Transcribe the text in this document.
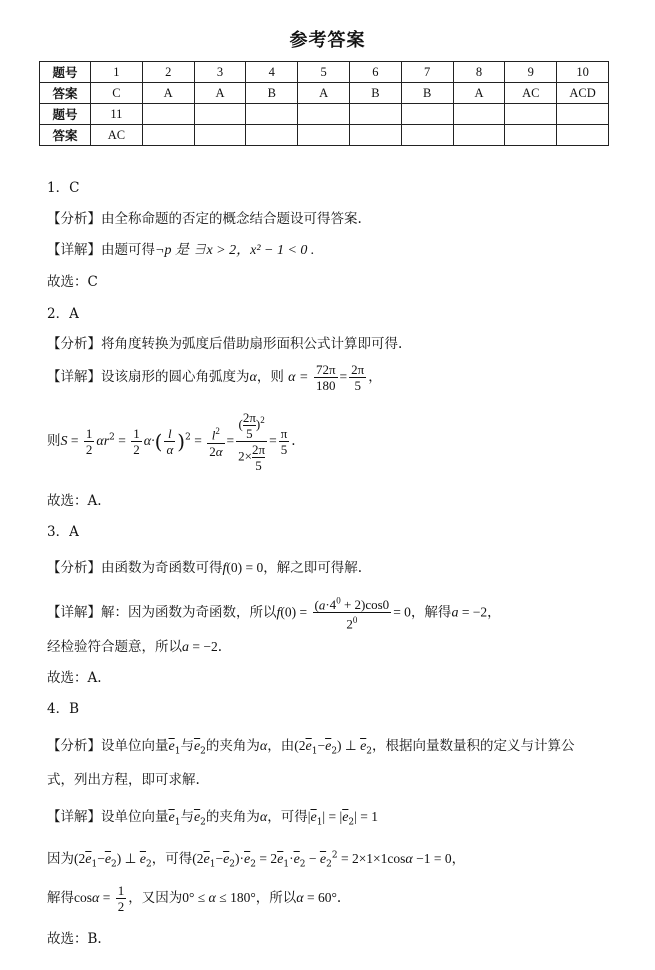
参考答案
题号	1	2	3	4	5	6	7	8	9	10
答案	C	A	A	B	A	B	B	A	AC	ACD
题号	11									
答案	AC									
1．C
【分析】由全称命题的否定的概念结合题设可得答案.
【详解】由题可得¬p 是 ∃x > 2，x² − 1 < 0 .
故选：C
2．A
【分析】将角度转换为弧度后借助扇形面积公式计算即可得.
【详解】设该扇形的圆心角弧度为α，则 $\alpha = \frac{72\pi}{180} = \frac{2\pi}{5}$ ，
则$S = \frac{1}{2} \alpha r^2 = \frac{1}{2} \alpha\cdot( \frac{l}{\alpha} )^2 = \frac{l^2}{2\alpha} = \frac{( \frac{2\pi}{5} )^2}{2\times \frac{2\pi}{5}} = \frac{\pi}{5}$ .
故选：A.
3．A
【分析】由函数为奇函数可得f(0) = 0，解之即可得解.
【详解】解：因为函数为奇函数，所以$f(0) = \frac{(a\cdot 4^0 + 2)\cos 0}{2^0} = 0$，解得a = −2，
经检验符合题意，所以a = −2.
故选：A.
4．B
【分析】设单位向量$\overline{e}_1$与$\overline{e}_2$的夹角为α，由$(2\overline{e}_1-\overline{e}_2)$ ⊥ $\overline{e}_2$，根据向量数量积的定义与计算公
式，列出方程，即可求解.
【详解】设单位向量$\overline{e}_1$与$\overline{e}_2$的夹角为α，可得$|\overline{e}_1| = |\overline{e}_2| = 1$
因为$(2\overline{e}_1-\overline{e}_2)$ ⊥ $\overline{e}_2$，可得$(2\overline{e}_1-\overline{e}_2)\cdot\overline{e}_2 = 2\overline{e}_1\cdot\overline{e}_2 - \overline{e}_2^2 = 2\times 1\times 1\cos\alpha -1 = 0$，
解得$\cos\alpha = \frac{1}{2}$ ，又因为0° ≤ α ≤ 180°，所以α = 60°.
故选：B.
